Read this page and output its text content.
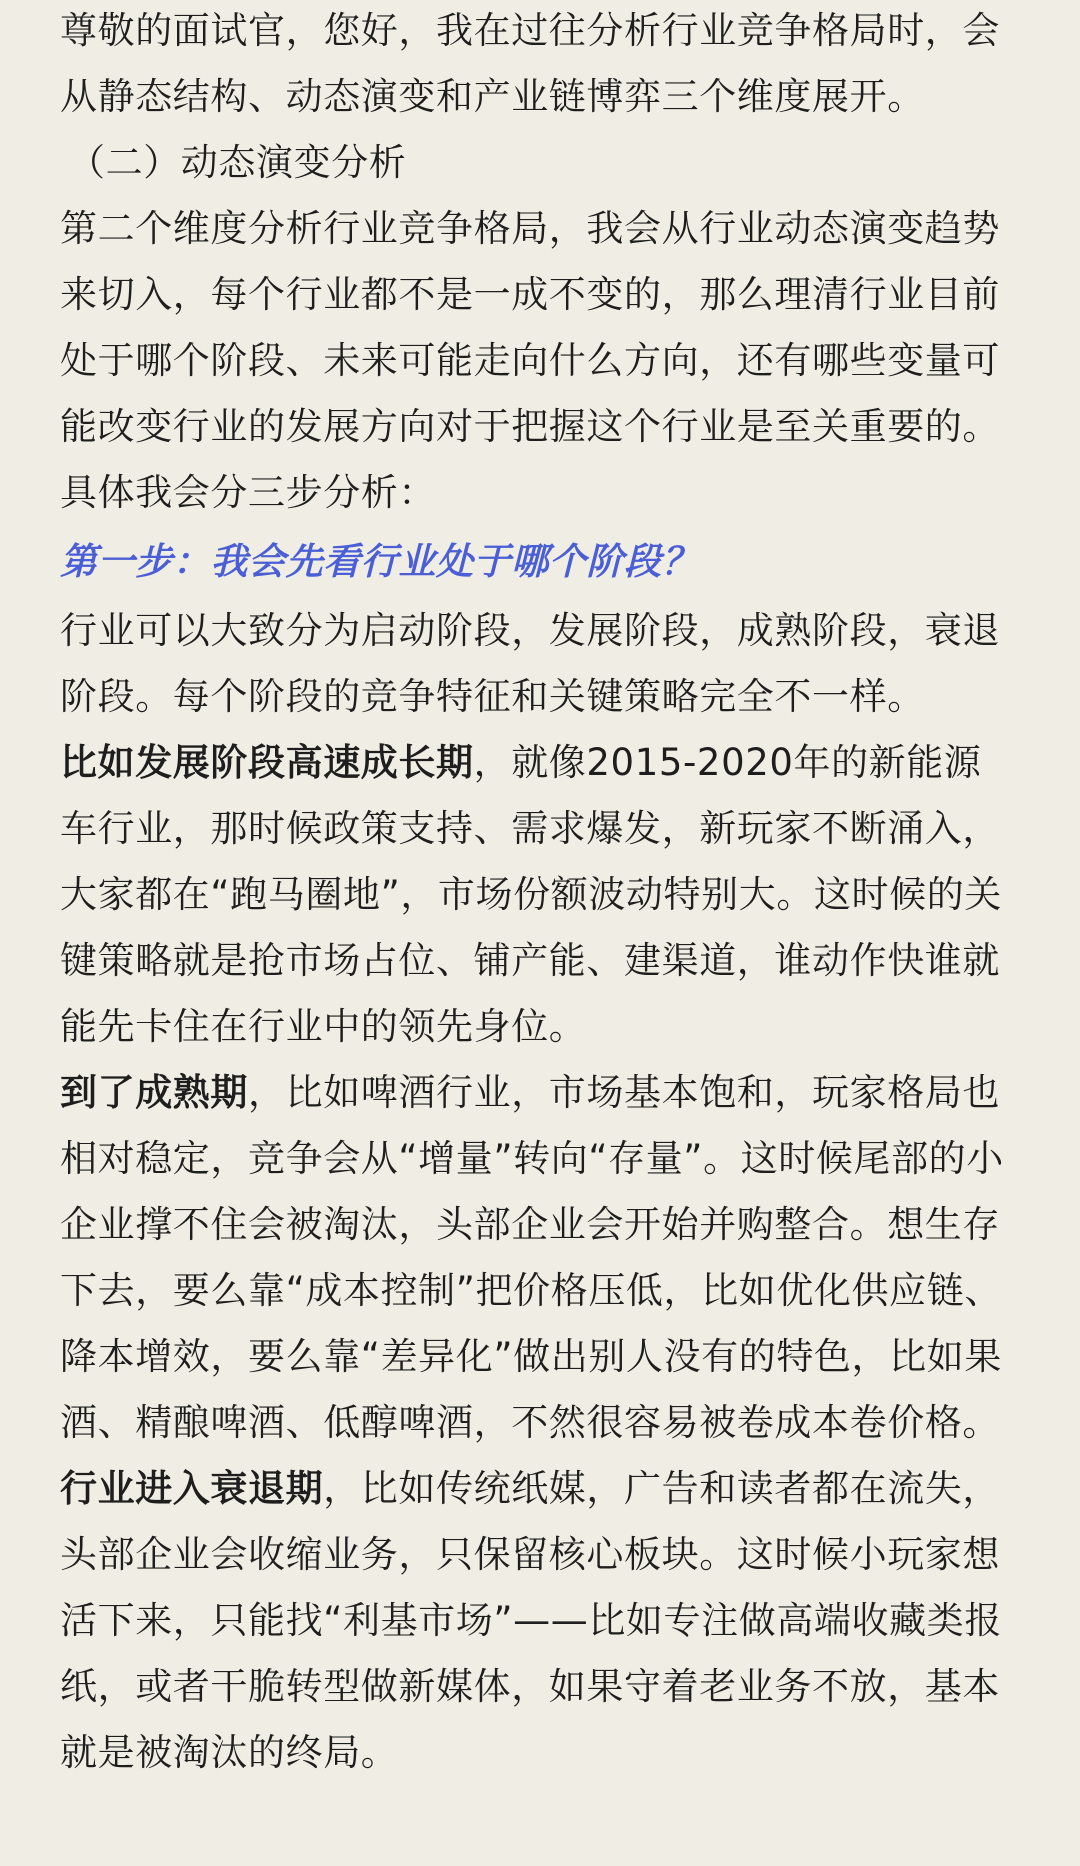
尊敬的面试官，您好，我在过往分析行业竞争格局时，会从静态结构、动态演变和产业链博弈三个维度展开。

（二）动态演变分析

第二个维度分析行业竞争格局，我会从行业动态演变趋势来切入，每个行业都不是一成不变的，那么理清行业目前处于哪个阶段、未来可能走向什么方向，还有哪些变量可能改变行业的发展方向对于把握这个行业是至关重要的。具体我会分三步分析：

第一步：我会先看行业处于哪个阶段？

行业可以大致分为启动阶段，发展阶段，成熟阶段，衰退阶段。每个阶段的竞争特征和关键策略完全不一样。

比如发展阶段高速成长期，就像2015-2020年的新能源车行业，那时候政策支持、需求爆发，新玩家不断涌入，大家都在“跑马圈地”，市场份额波动特别大。这时候的关键策略就是抢市场占位、铺产能、建渠道，谁动作快谁就能先卡住在行业中的领先身位。

到了成熟期，比如啤酒行业，市场基本饱和，玩家格局也相对稳定，竞争会从“增量”转向“存量”。这时候尾部的小企业撑不住会被淘汰，头部企业会开始并购整合。想生存下去，要么靠“成本控制”把价格压低，比如优化供应链、降本增效，要么靠“差异化”做出别人没有的特色，比如果酒、精酿啤酒、低醇啤酒，不然很容易被卷成本卷价格。

行业进入衰退期，比如传统纸媒，广告和读者都在流失，头部企业会收缩业务，只保留核心板块。这时候小玩家想活下来，只能找“利基市场”——比如专注做高端收藏类报纸，或者干脆转型做新媒体，如果守着老业务不放，基本就是被淘汰的终局。
